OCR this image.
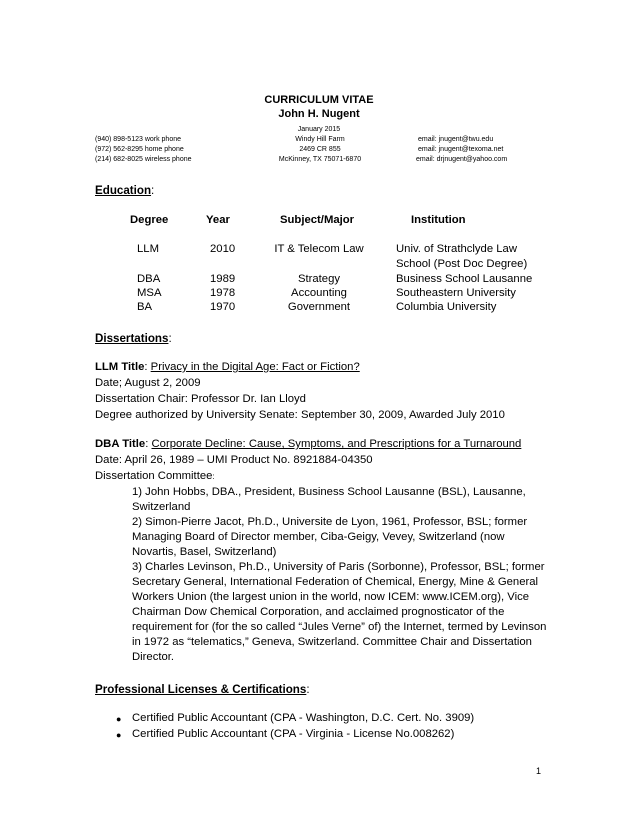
CURRICULUM VITAE
John H. Nugent
January 2015
(940) 898-5123 work phone
(972) 562-8295 home phone
(214) 682-8025 wireless phone
Windy Hill Farm
2469 CR 855
McKinney, TX 75071-6870
email: jnugent@twu.edu
email: jnugent@texoma.net
email: drjnugent@yahoo.com
Education:
Degree	Year	Subject/Major	Institution
LLM	2010	IT & Telecom Law	Univ. of Strathclyde Law
School (Post Doc Degree)
DBA	1989	Strategy	Business School Lausanne
MSA	1978	Accounting	Southeastern University
BA	1970	Government	Columbia University
Dissertations:
LLM Title: Privacy in the Digital Age: Fact or Fiction?
Date; August 2, 2009
Dissertation Chair: Professor Dr. Ian Lloyd
Degree authorized by University Senate: September 30, 2009, Awarded July 2010
DBA Title: Corporate Decline: Cause, Symptoms, and Prescriptions for a Turnaround
Date: April 26, 1989 – UMI Product No. 8921884-04350
Dissertation Committee:
1) John Hobbs, DBA., President, Business School Lausanne (BSL), Lausanne,
Switzerland
2) Simon-Pierre Jacot, Ph.D., Universite de Lyon, 1961, Professor, BSL; former
Managing Board of Director member, Ciba-Geigy, Vevey, Switzerland (now
Novartis, Basel, Switzerland)
3) Charles Levinson, Ph.D., University of Paris (Sorbonne), Professor, BSL; former
Secretary General, International Federation of Chemical, Energy, Mine & General
Workers Union (the largest union in the world, now ICEM: www.ICEM.org), Vice
Chairman Dow Chemical Corporation, and acclaimed prognosticator of the
requirement for (for the so called “Jules Verne” of) the Internet, termed by Levinson
in 1972 as “telematics,” Geneva, Switzerland. Committee Chair and Dissertation
Director.
Professional Licenses & Certifications:
● Certified Public Accountant (CPA - Washington, D.C. Cert. No. 3909)
● Certified Public Accountant (CPA - Virginia - License No.008262)
1
